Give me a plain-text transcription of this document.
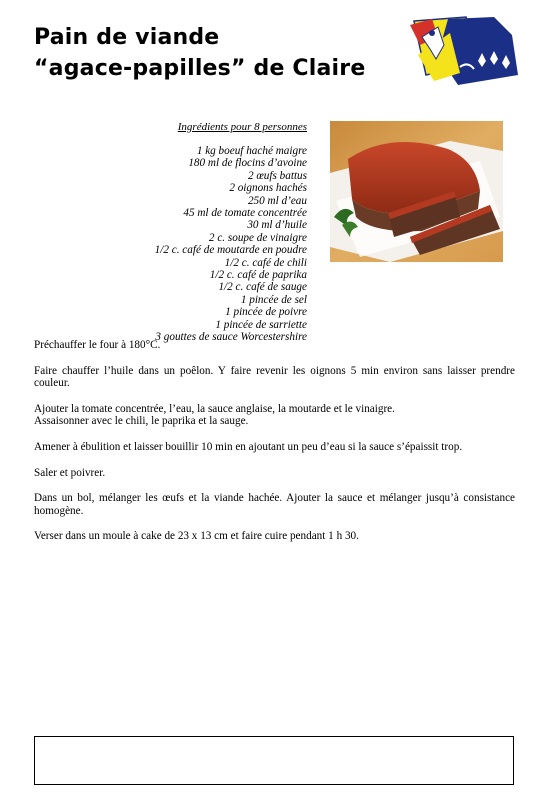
Pain de viande
“agace-papilles” de Claire
Ingrédients pour 8 personnes
1 kg boeuf haché maigre
180 ml de flocins d’avoine
2 œufs battus
2 oignons hachés
250 ml d’eau
45 ml de tomate concentrée
30 ml d’huile
2 c. soupe de vinaigre
1/2 c. café de moutarde en poudre
1/2 c. café de chili
1/2 c. café de paprika
1/2 c. café de sauge
1 pincée de sel
1 pincée de poivre
1 pincée de sarriette
3 gouttes de sauce Worcestershire

Préchauffer le four à 180°C.

Faire chauffer l’huile dans un poêlon. Y faire revenir les oignons 5 min environ sans laisser prendre couleur.

Ajouter la tomate concentrée, l’eau, la sauce anglaise, la moutarde et le vinaigre.
Assaisonner avec le chili, le paprika et la sauge.

Amener à ébulition et laisser bouillir 10 min en ajoutant un peu d’eau si la sauce s’épaissit trop.

Saler et poivrer.

Dans un bol, mélanger les œufs et la viande hachée. Ajouter la sauce et mélanger jusqu’à consistance homogène.

Verser dans un moule à cake de 23 x 13 cm et faire cuire pendant 1 h 30.
